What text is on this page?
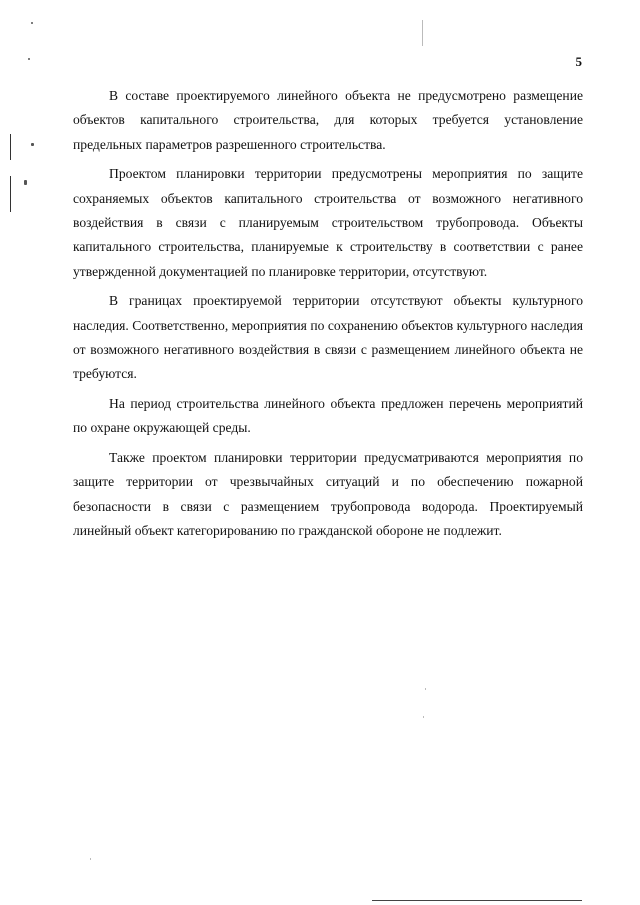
5

В составе проектируемого линейного объекта не предусмотрено размещение объектов капитального строительства, для которых требуется установление предельных параметров разрешенного строительства.

Проектом планировки территории предусмотрены мероприятия по защите сохраняемых объектов капитального строительства от возможного негативного воздействия в связи с планируемым строительством трубопровода. Объекты капитального строительства, планируемые к строительству в соответствии с ранее утвержденной документацией по планировке территории, отсутствуют.

В границах проектируемой территории отсутствуют объекты культурного наследия. Соответственно, мероприятия по сохранению объектов культурного наследия от возможного негативного воздействия в связи с размещением линейного объекта не требуются.

На период строительства линейного объекта предложен перечень мероприятий по охране окружающей среды.

Также проектом планировки территории предусматриваются мероприятия по защите территории от чрезвычайных ситуаций и по обеспечению пожарной безопасности в связи с размещением трубопровода водорода. Проектируемый линейный объект категорированию по гражданской обороне не подлежит.
